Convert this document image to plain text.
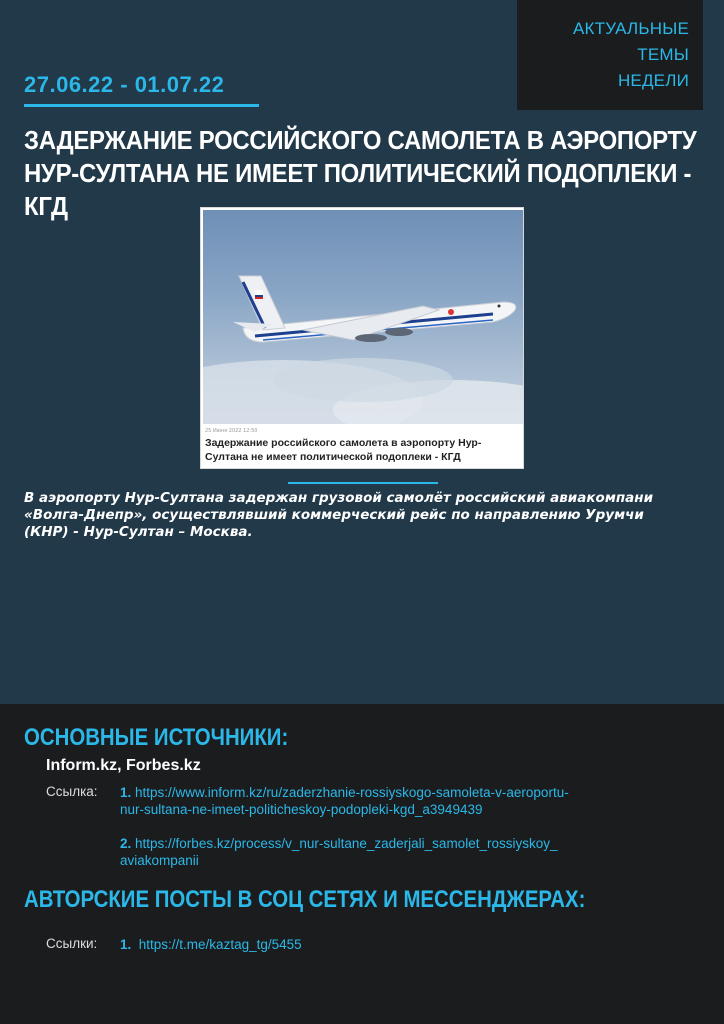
АКТУАЛЬНЫЕ ТЕМЫ
НЕДЕЛИ
27.06.22 - 01.07.22
ЗАДЕРЖАНИЕ РОССИЙСКОГО САМОЛЕТА В АЭРОПОРТУ НУР-СУЛТАНА НЕ ИМЕЕТ ПОЛИТИЧЕСКИЙ ПОДОПЛЕКИ - КГД
25 Июня 2022 12:50
Задержание российского самолета в аэропорту Нур-Султана не имеет политической подоплеки - КГД
В аэропорту Нур-Султана задержан грузовой самолёт российский авиакомпани «Волга-Днепр», осуществлявший коммерческий рейс по направлению Урумчи (КНР) - Нур-Султан – Москва.
ОСНОВНЫЕ ИСТОЧНИКИ:
Inform.kz, Forbes.kz
Ссылка: 1. https://www.inform.kz/ru/zaderzhanie-rossiyskogo-samoleta-v-aeroportu-
nur-sultana-ne-imeet-politicheskoy-podopleki-kgd_a3949439
2. https://forbes.kz/process/v_nur-sultane_zaderjali_samolet_rossiyskoy_
aviakompanii
АВТОРСКИЕ ПОСТЫ В СОЦ СЕТЯХ И МЕССЕНДЖЕРАХ:
Ссылки: 1. https://t.me/kaztag_tg/5455
